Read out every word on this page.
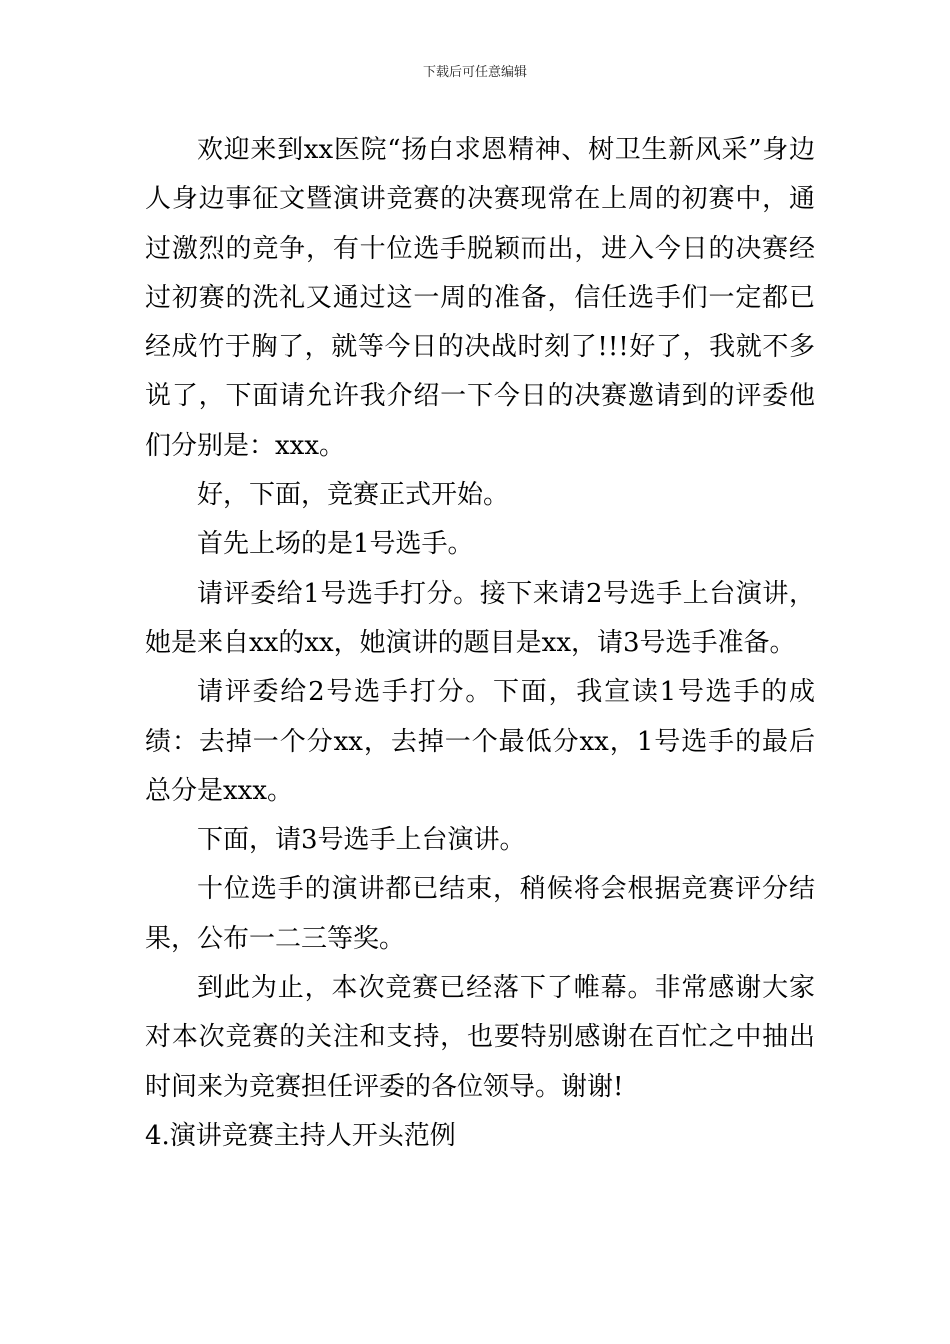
下载后可任意编辑

欢迎来到xx医院“扬白求恩精神、树卫生新风采”身边人身边事征文暨演讲竞赛的决赛现常在上周的初赛中，通过激烈的竞争，有十位选手脱颖而出，进入今日的决赛经过初赛的洗礼又通过这一周的准备，信任选手们一定都已经成竹于胸了，就等今日的决战时刻了!!!好了，我就不多说了，下面请允许我介绍一下今日的决赛邀请到的评委他们分别是：xxx。

好，下面，竞赛正式开始。

首先上场的是1号选手。

请评委给1号选手打分。接下来请2号选手上台演讲，她是来自xx的xx，她演讲的题目是xx，请3号选手准备。

请评委给2号选手打分。下面，我宣读1号选手的成绩：去掉一个分xx，去掉一个最低分xx，1号选手的最后总分是xxx。

下面，请3号选手上台演讲。

十位选手的演讲都已结束，稍候将会根据竞赛评分结果，公布一二三等奖。

到此为止，本次竞赛已经落下了帷幕。非常感谢大家对本次竞赛的关注和支持，也要特别感谢在百忙之中抽出时间来为竞赛担任评委的各位领导。谢谢!

4.演讲竞赛主持人开头范例
